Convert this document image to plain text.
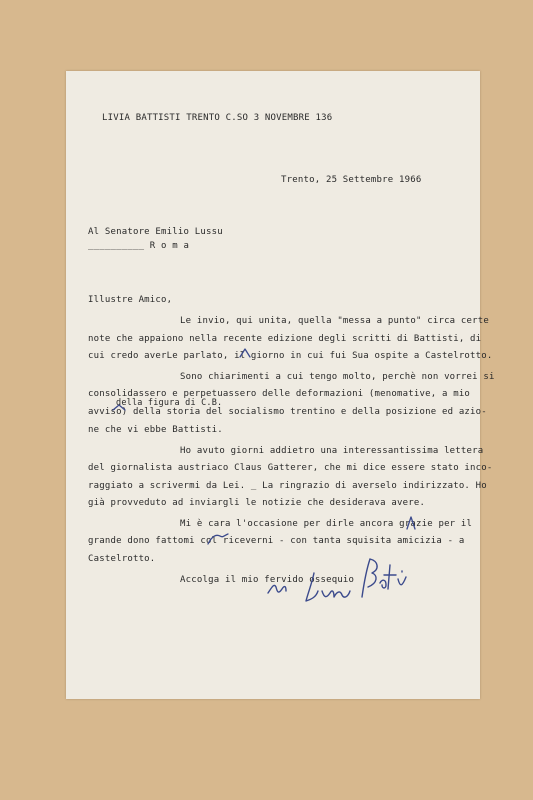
LIVIA BATTISTI TRENTO C.SO 3 NOVEMBRE 136

Trento, 25 Settembre 1966

Al Senatore Emilio Lussu

__________ R o m a

Illustre Amico,

Le invio, qui unita, quella "messa a punto" circa certe

note che appaiono nella recente edizione degli scritti di Battisti, di

cui credo averLe parlato, il giorno in cui fui Sua ospite a Castelrotto.

Sono chiarimenti a cui tengo molto, perchè non vorrei si

consolidassero e perpetuassero delle deformazioni (menomative, a mio

della figura di C.B.

avviso) della storia del socialismo trentino e della posizione ed azio-

ne che vi ebbe Battisti.

Ho avuto giorni addietro una interessantissima lettera

del giornalista austriaco Claus Gatterer, che mi dice essere stato inco-

raggiato a scrivermi da Lei. _ La ringrazio di averselo indirizzato. Ho

già provveduto ad inviargli le notizie che desiderava avere.

Mi è cara l'occasione per dirle ancora grazie per il

grande dono fattomi col riceverni - con tanta squisita amicizia - a

Castelrotto.

Accolga il mio fervido ossequio
